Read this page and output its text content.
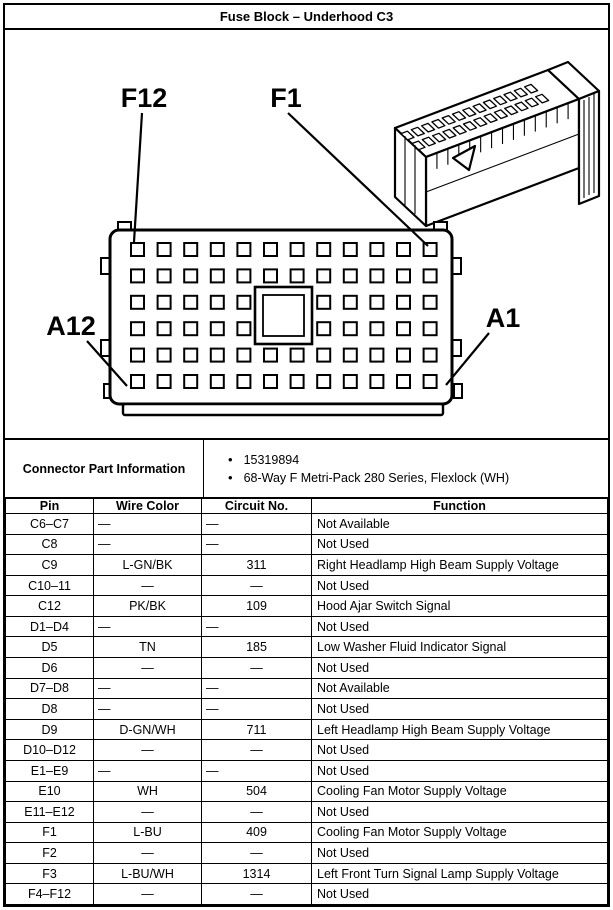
Fuse Block – Underhood C3
F12	F1
A12	A1
Connector Part Information
• 15319894
• 68-Way F Metri-Pack 280 Series, Flexlock (WH)
Pin	Wire Color	Circuit No.	Function
C6–C7	—	—	Not Available
C8	—	—	Not Used
C9	L-GN/BK	311	Right Headlamp High Beam Supply Voltage
C10–11	—	—	Not Used
C12	PK/BK	109	Hood Ajar Switch Signal
D1–D4	—	—	Not Used
D5	TN	185	Low Washer Fluid Indicator Signal
D6	—	—	Not Used
D7–D8	—	—	Not Available
D8	—	—	Not Used
D9	D-GN/WH	711	Left Headlamp High Beam Supply Voltage
D10–D12	—	—	Not Used
E1–E9	—	—	Not Used
E10	WH	504	Cooling Fan Motor Supply Voltage
E11–E12	—	—	Not Used
F1	L-BU	409	Cooling Fan Motor Supply Voltage
F2	—	—	Not Used
F3	L-BU/WH	1314	Left Front Turn Signal Lamp Supply Voltage
F4–F12	—	—	Not Used
